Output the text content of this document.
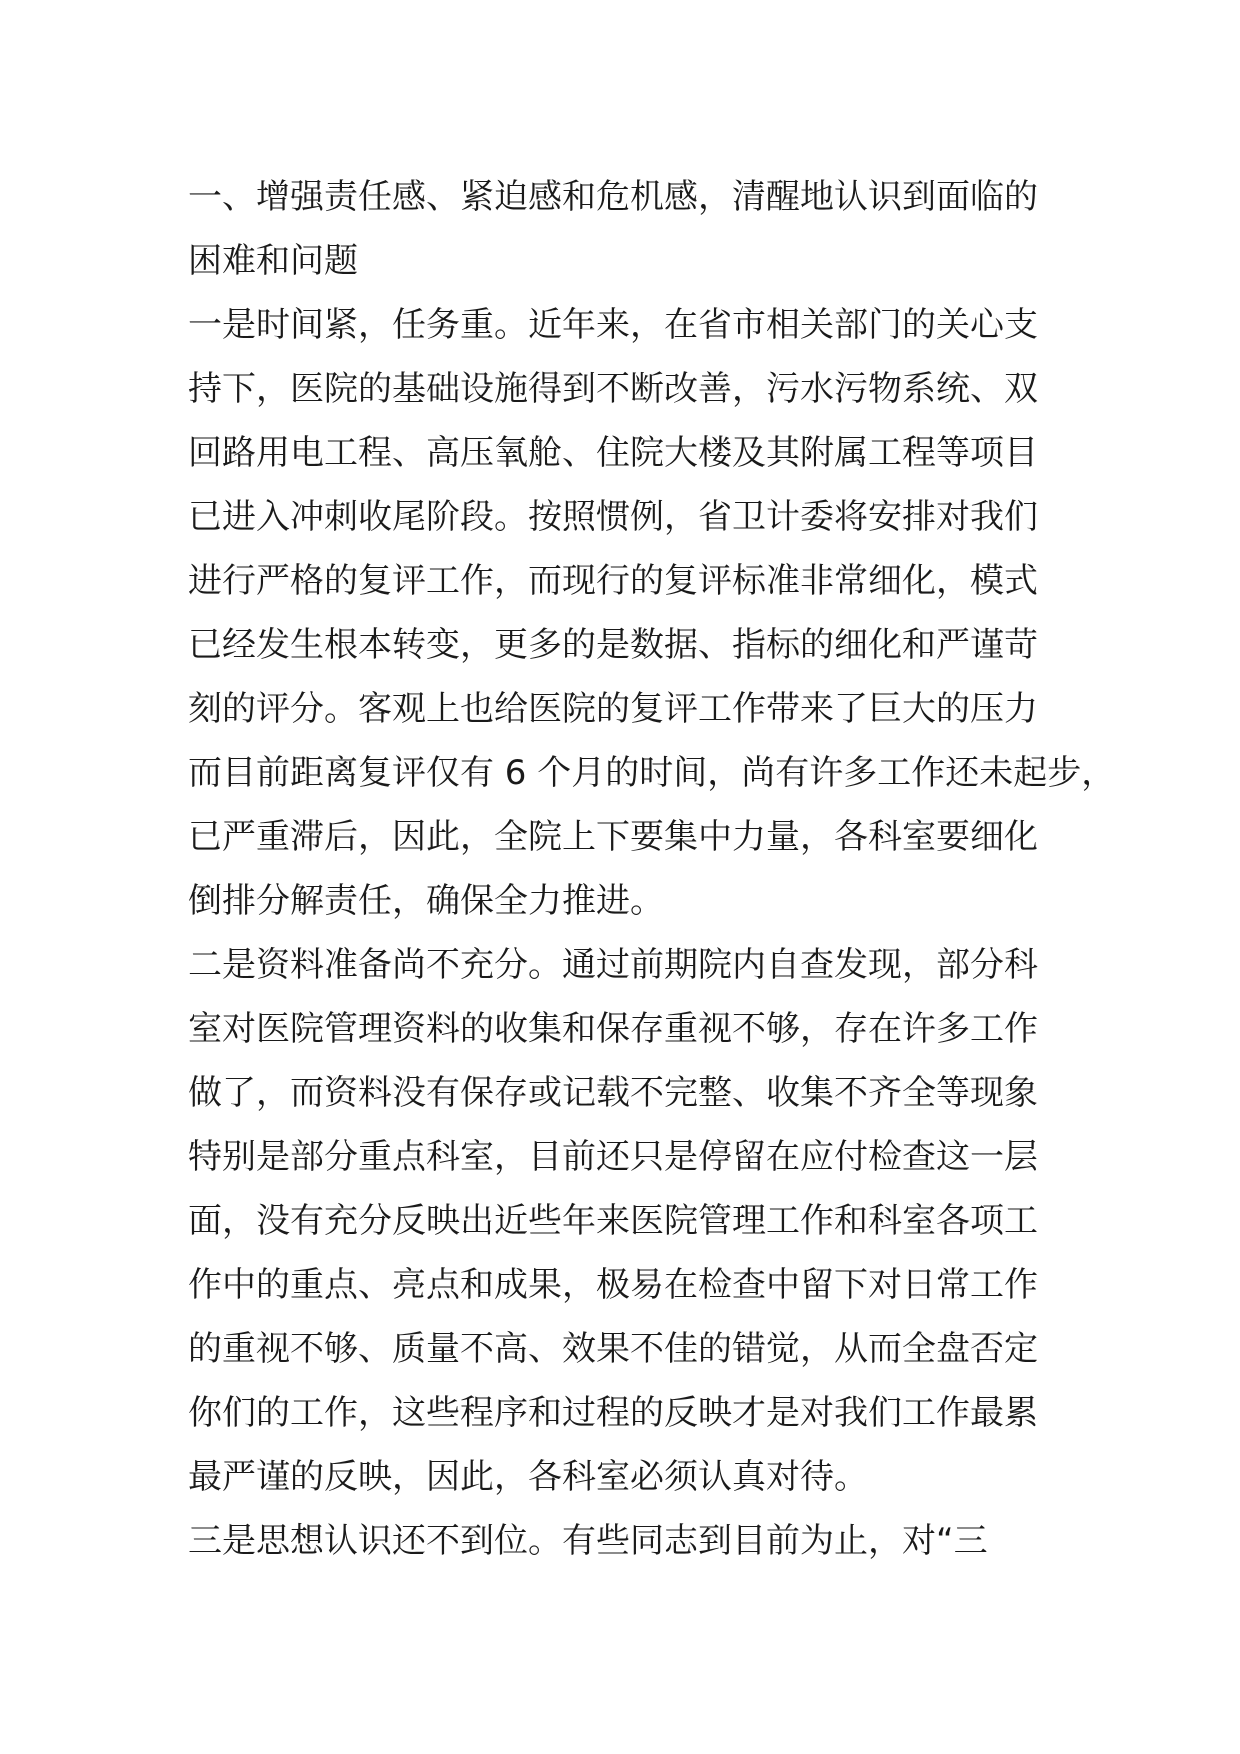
一、增强责任感、紧迫感和危机感，清醒地认识到面临的
困难和问题
一是时间紧，任务重。近年来，在省市相关部门的关心支
持下，医院的基础设施得到不断改善，污水污物系统、双
回路用电工程、高压氧舱、住院大楼及其附属工程等项目
已进入冲刺收尾阶段。按照惯例，省卫计委将安排对我们
进行严格的复评工作，而现行的复评标准非常细化，模式
已经发生根本转变，更多的是数据、指标的细化和严谨苛
刻的评分。客观上也给医院的复评工作带来了巨大的压力
而目前距离复评仅有 6 个月的时间，尚有许多工作还未起步，
已严重滞后，因此，全院上下要集中力量，各科室要细化
倒排分解责任，确保全力推进。
二是资料准备尚不充分。通过前期院内自查发现，部分科
室对医院管理资料的收集和保存重视不够，存在许多工作
做了，而资料没有保存或记载不完整、收集不齐全等现象
特别是部分重点科室，目前还只是停留在应付检查这一层
面，没有充分反映出近些年来医院管理工作和科室各项工
作中的重点、亮点和成果，极易在检查中留下对日常工作
的重视不够、质量不高、效果不佳的错觉，从而全盘否定
你们的工作，这些程序和过程的反映才是对我们工作最累
最严谨的反映，因此，各科室必须认真对待。
三是思想认识还不到位。有些同志到目前为止，对“三
